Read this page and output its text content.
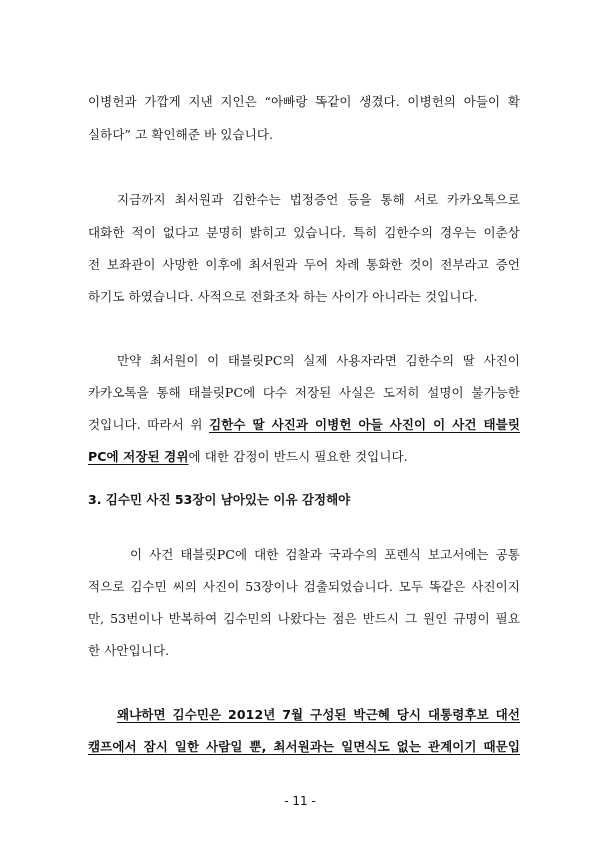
이병헌과 가깝게 지낸 지인은 “아빠랑 똑같이 생겼다. 이병헌의 아들이 확
실하다” 고 확인해준 바 있습니다.
지금까지 최서원과 김한수는 법정증언 등을 통해 서로 카카오톡으로
대화한 적이 없다고 분명히 밝히고 있습니다. 특히 김한수의 경우는 이춘상
전 보좌관이 사망한 이후에 최서원과 두어 차례 통화한 것이 전부라고 증언
하기도 하였습니다. 사적으로 전화조차 하는 사이가 아니라는 것입니다.
만약 최서원이 이 태블릿PC의 실제 사용자라면 김한수의 딸 사진이
카카오톡을 통해 태블릿PC에 다수 저장된 사실은 도저히 설명이 불가능한
것입니다. 따라서 위 김한수 딸 사진과 이병헌 아들 사진이 이 사건 태블릿
PC에 저장된 경위에 대한 감정이 반드시 필요한 것입니다.
3. 김수민 사진 53장이 남아있는 이유 감정해야
이 사건 태블릿PC에 대한 검찰과 국과수의 포렌식 보고서에는 공통
적으로 김수민 씨의 사진이 53장이나 검출되었습니다. 모두 똑같은 사진이지
만, 53번이나 반복하여 김수민의 나왔다는 점은 반드시 그 원인 규명이 필요
한 사안입니다.
왜냐하면 김수민은 2012년 7월 구성된 박근혜 당시 대통령후보 대선
캠프에서 잠시 일한 사람일 뿐, 최서원과는 일면식도 없는 관계이기 때문입
- 11 -
